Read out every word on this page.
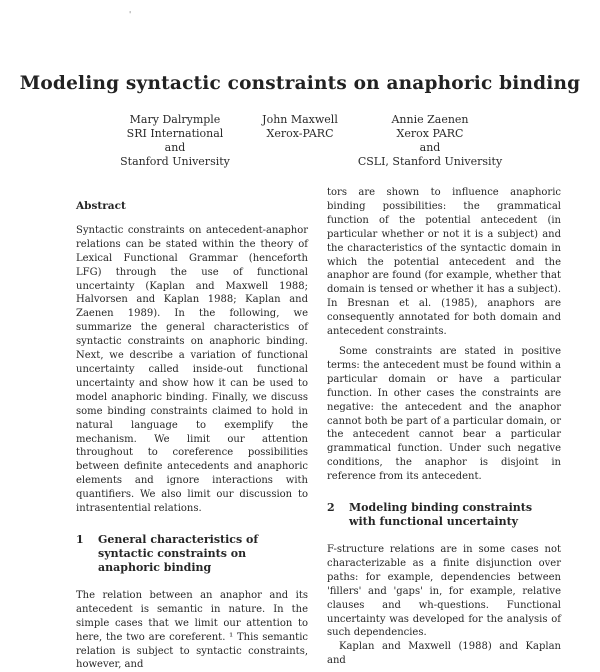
'
Modeling syntactic constraints on anaphoric binding
Mary Dalrymple
SRI International
and
Stanford University
John Maxwell
Xerox-PARC
Annie Zaenen
Xerox PARC
and
CSLI, Stanford University
Abstract

Syntactic constraints on antecedent-anaphor relations can be stated within the theory of Lexical Functional Grammar (henceforth LFG) through the use of functional uncertainty (Kaplan and Maxwell 1988; Halvorsen and Kaplan 1988; Kaplan and Zaenen 1989). In the following, we summarize the general characteristics of syntactic constraints on anaphoric binding. Next, we describe a variation of functional uncertainty called inside-out functional uncertainty and show how it can be used to model anaphoric binding. Finally, we discuss some binding constraints claimed to hold in natural language to exemplify the mechanism. We limit our attention throughout to coreference possibilities between definite antecedents and anaphoric elements and ignore interactions with quantifiers. We also limit our discussion to intrasentential relations.

1	General characteristics of syntactic constraints on anaphoric binding

The relation between an anaphor and its antecedent is semantic in nature. In the simple cases that we limit our attention to here, the two are coreferent. ¹ This semantic relation is subject to syntactic constraints, however, and

tors are shown to influence anaphoric binding possibilities: the grammatical function of the potential antecedent (in particular whether or not it is a subject) and the characteristics of the syntactic domain in which the potential antecedent and the anaphor are found (for example, whether that domain is tensed or whether it has a subject). In Bresnan et al. (1985), anaphors are consequently annotated for both domain and antecedent constraints.

Some constraints are stated in positive terms: the antecedent must be found within a particular domain or have a particular function. In other cases the constraints are negative: the antecedent and the anaphor cannot both be part of a particular domain, or the antecedent cannot bear a particular grammatical function. Under such negative conditions, the anaphor is disjoint in reference from its antecedent.

2	Modeling binding constraints with functional uncertainty

F-structure relations are in some cases not characterizable as a finite disjunction over paths: for example, dependencies between 'fillers' and 'gaps' in, for example, relative clauses and wh-questions. Functional uncertainty was developed for the analysis of such dependencies.

Kaplan and Maxwell (1988) and Kaplan and
